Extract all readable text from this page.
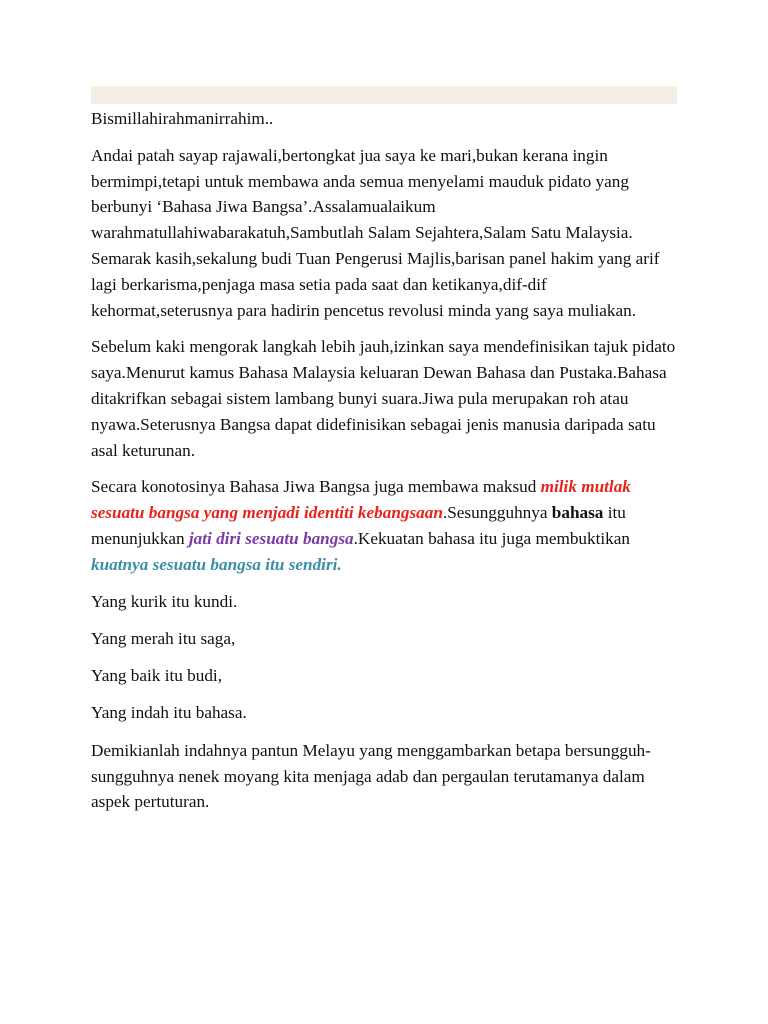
Bismillahirahmanirrahim..

Andai patah sayap rajawali,bertongkat jua saya ke mari,bukan kerana ingin bermimpi,tetapi untuk membawa anda semua menyelami mauduk pidato yang berbunyi ‘Bahasa Jiwa Bangsa’.Assalamualaikum warahmatullahiwabarakatuh,Sambutlah Salam Sejahtera,Salam Satu Malaysia. Semarak kasih,sekalung budi Tuan Pengerusi Majlis,barisan panel hakim yang arif lagi berkarisma,penjaga masa setia pada saat dan ketikanya,dif-dif kehormat,seterusnya para hadirin pencetus revolusi minda yang saya muliakan.

Sebelum kaki mengorak langkah lebih jauh,izinkan saya mendefinisikan tajuk pidato saya.Menurut kamus Bahasa Malaysia keluaran Dewan Bahasa dan Pustaka.Bahasa ditakrifkan sebagai sistem lambang bunyi suara.Jiwa pula merupakan roh atau nyawa.Seterusnya Bangsa dapat didefinisikan sebagai jenis manusia daripada satu asal keturunan.

Secara konotosinya Bahasa Jiwa Bangsa juga membawa maksud milik mutlak sesuatu bangsa yang menjadi identiti kebangsaan.Sesungguhnya bahasa itu menunjukkan jati diri sesuatu bangsa.Kekuatan bahasa itu juga membuktikan kuatnya sesuatu bangsa itu sendiri.

Yang kurik itu kundi.

Yang merah itu saga,

Yang baik itu budi,

Yang indah itu bahasa.

Demikianlah indahnya pantun Melayu yang menggambarkan betapa bersungguh-sungguhnya nenek moyang kita menjaga adab dan pergaulan terutamanya dalam aspek pertuturan.
